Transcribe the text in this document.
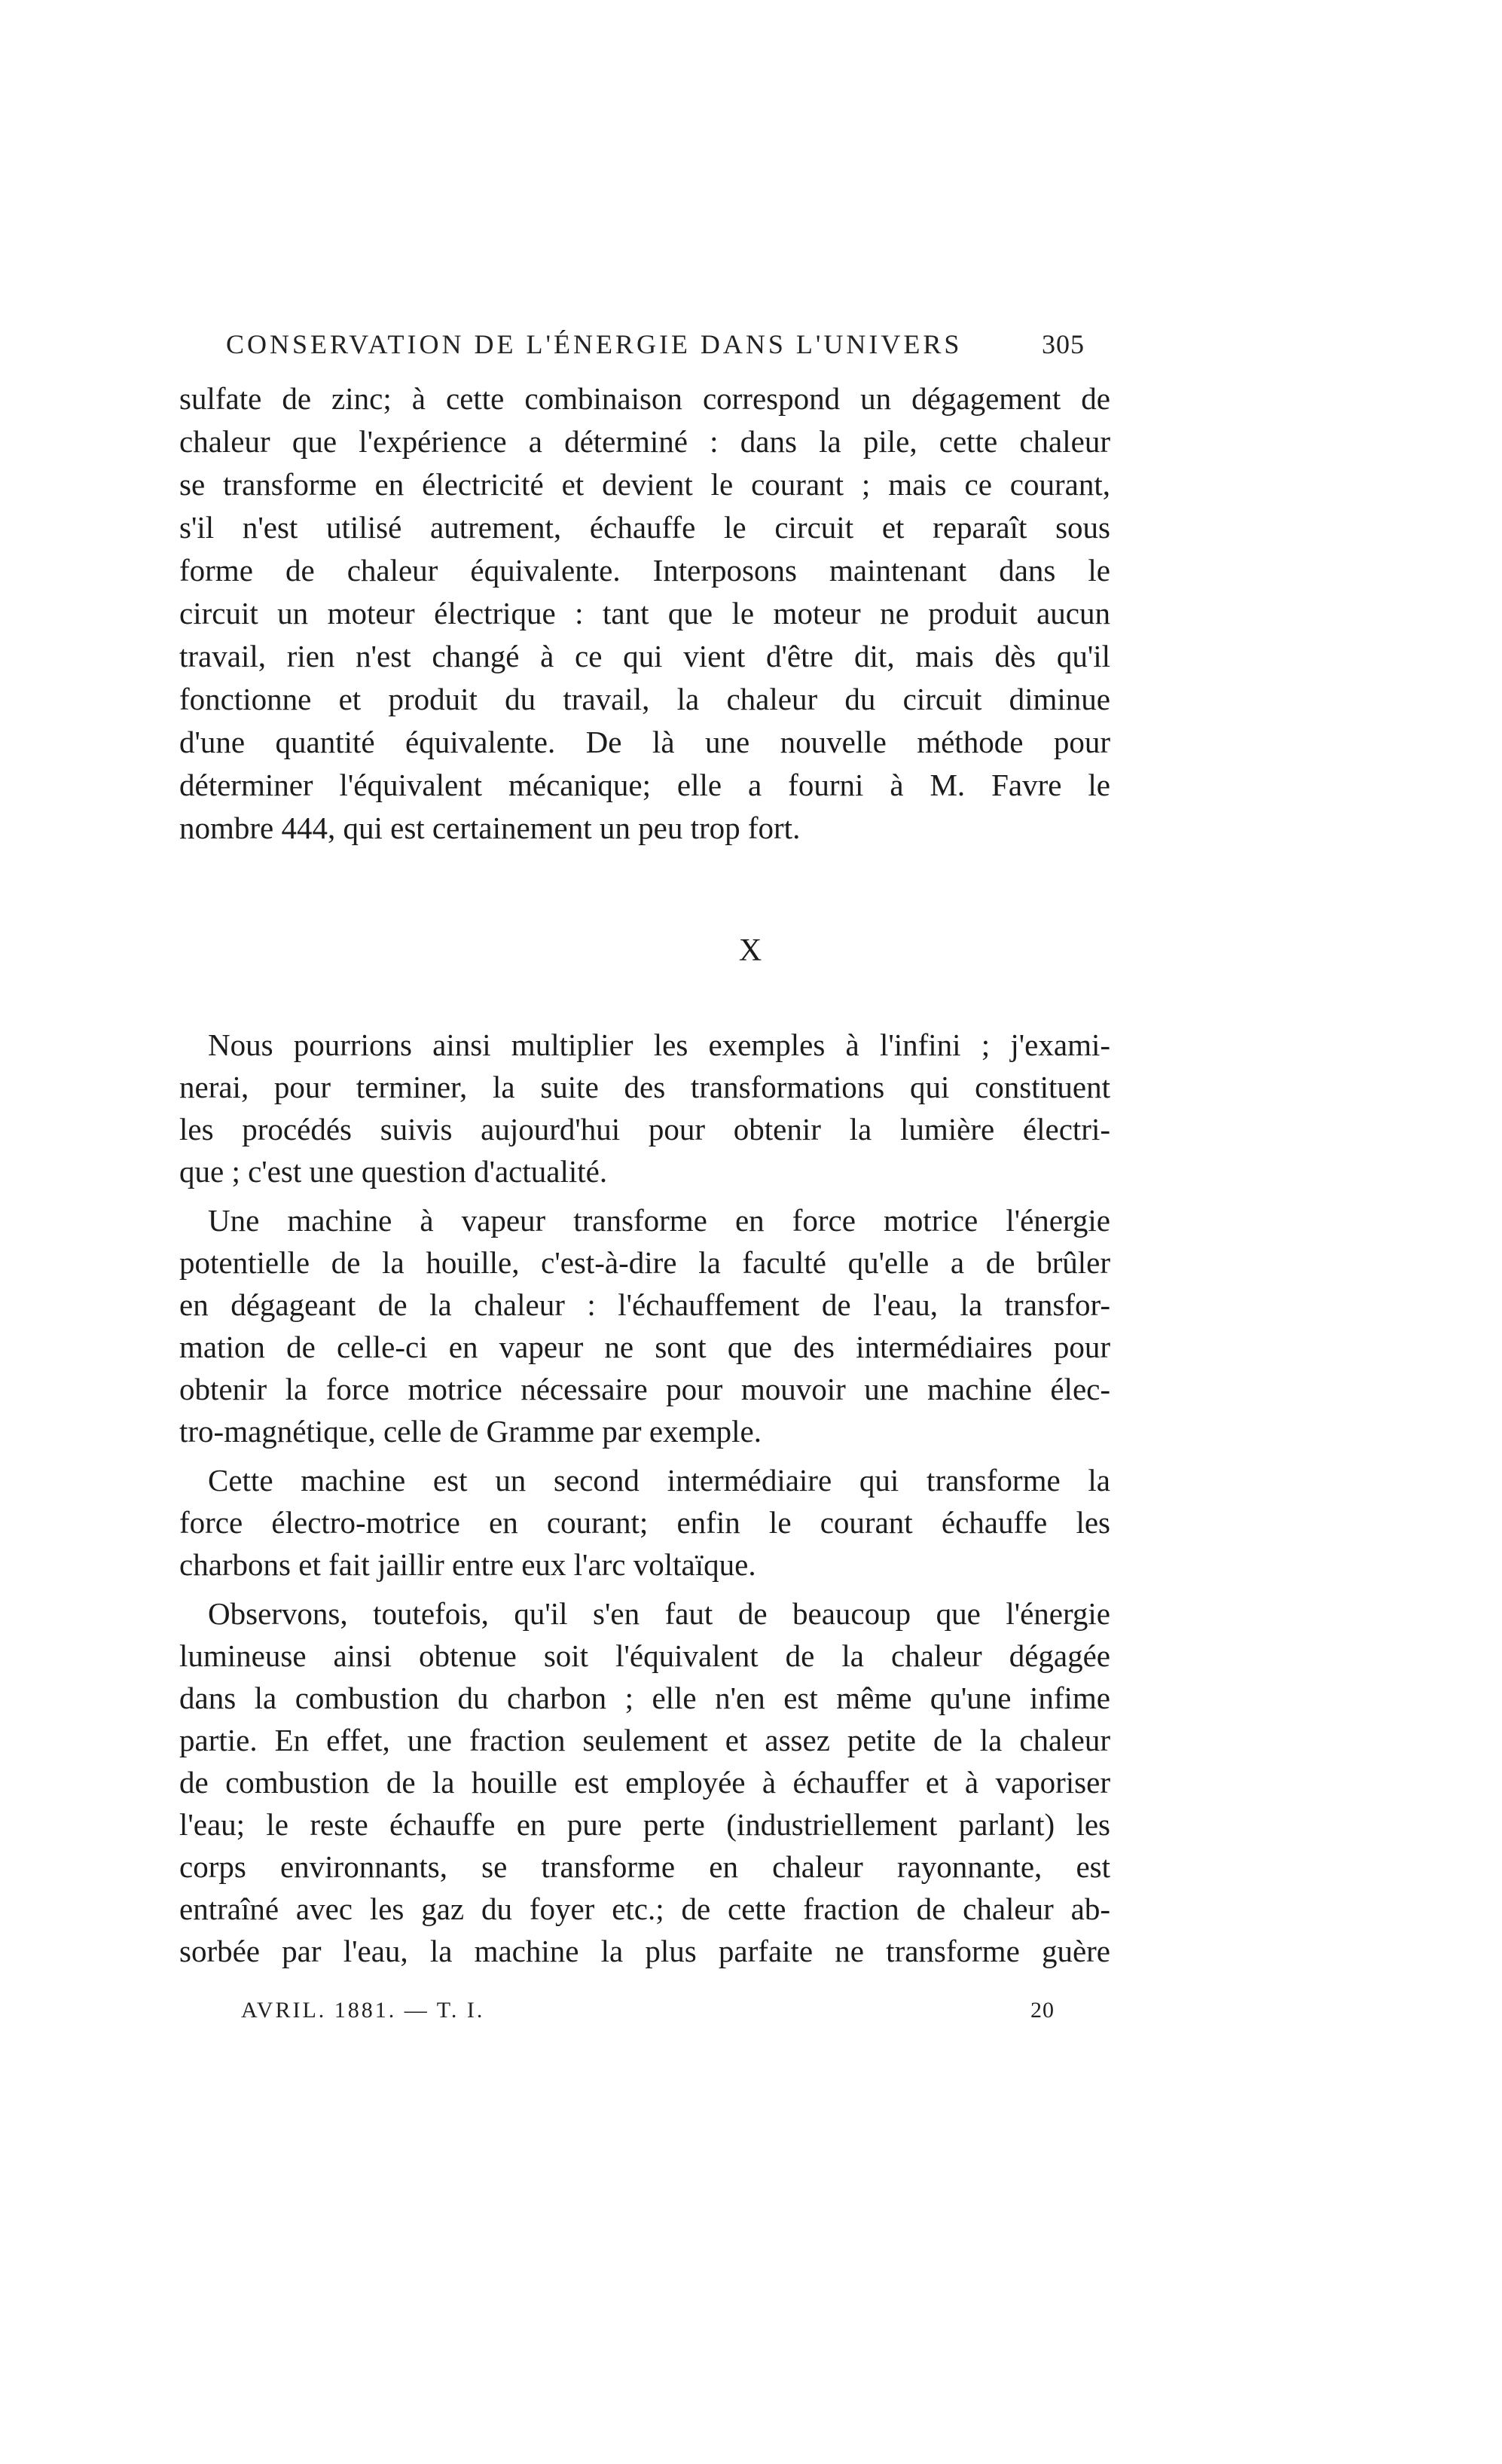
CONSERVATION DE L'ÉNERGIE DANS L'UNIVERS	305
sulfate de zinc; à cette combinaison correspond un dégagement de
chaleur que l'expérience a déterminé : dans la pile, cette chaleur
se transforme en électricité et devient le courant ; mais ce courant,
s'il n'est utilisé autrement, échauffe le circuit et reparaît sous
forme de chaleur équivalente. Interposons maintenant dans le
circuit un moteur électrique : tant que le moteur ne produit aucun
travail, rien n'est changé à ce qui vient d'être dit, mais dès qu'il
fonctionne et produit du travail, la chaleur du circuit diminue
d'une quantité équivalente. De là une nouvelle méthode pour
déterminer l'équivalent mécanique; elle a fourni à M. Favre le
nombre 444, qui est certainement un peu trop fort.
X
Nous pourrions ainsi multiplier les exemples à l'infini ; j'exami-
nerai, pour terminer, la suite des transformations qui constituent
les procédés suivis aujourd'hui pour obtenir la lumière électri-
que ; c'est une question d'actualité.
Une machine à vapeur transforme en force motrice l'énergie
potentielle de la houille, c'est-à-dire la faculté qu'elle a de brûler
en dégageant de la chaleur : l'échauffement de l'eau, la transfor-
mation de celle-ci en vapeur ne sont que des intermédiaires pour
obtenir la force motrice nécessaire pour mouvoir une machine élec-
tro-magnétique, celle de Gramme par exemple.
Cette machine est un second intermédiaire qui transforme la
force électro-motrice en courant; enfin le courant échauffe les
charbons et fait jaillir entre eux l'arc voltaïque.
Observons, toutefois, qu'il s'en faut de beaucoup que l'énergie
lumineuse ainsi obtenue soit l'équivalent de la chaleur dégagée
dans la combustion du charbon ; elle n'en est même qu'une infime
partie. En effet, une fraction seulement et assez petite de la chaleur
de combustion de la houille est employée à échauffer et à vaporiser
l'eau; le reste échauffe en pure perte (industriellement parlant) les
corps environnants, se transforme en chaleur rayonnante, est
entraîné avec les gaz du foyer etc.; de cette fraction de chaleur ab-
sorbée par l'eau, la machine la plus parfaite ne transforme guère
AVRIL. 1881. — T. I.	20
